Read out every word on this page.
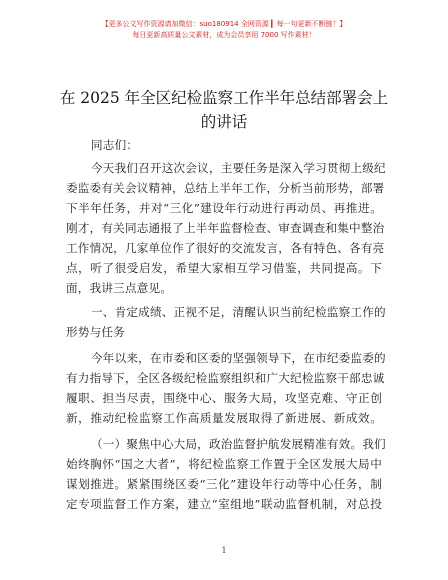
【更多公文写作资源请加微信：suo180914 全网资源 ▎每一句更新不断链！】
每日更新高质量公文素材，成为会员享用 7000 写作素材！
在 2025 年全区纪检监察工作半年总结部署会上
的讲话
同志们：
今天我们召开这次会议，主要任务是深入学习贯彻上级纪
委监委有关会议精神，总结上半年工作，分析当前形势，部署
下半年任务，并对“三化”建设年行动进行再动员、再推进。
刚才，有关同志通报了上半年监督检查、审查调查和集中整治
工作情况，几家单位作了很好的交流发言，各有特色、各有亮
点，听了很受启发，希望大家相互学习借鉴，共同提高。下
面，我讲三点意见。
一、肯定成绩、正视不足，清醒认识当前纪检监察工作的
形势与任务
今年以来，在市委和区委的坚强领导下，在市纪委监委的
有力指导下，全区各级纪检监察组织和广大纪检监察干部忠诚
履职、担当尽责，围绕中心、服务大局，攻坚克难、守正创
新，推动纪检监察工作高质量发展取得了新进展、新成效。
（一）聚焦中心大局，政治监督护航发展精准有效。我们
始终胸怀“国之大者”，将纪检监察工作置于全区发展大局中
谋划推进。紧紧围绕区委“三化”建设年行动等中心任务，制
定专项监督工作方案，建立“室组地”联动监督机制，对总投
1
